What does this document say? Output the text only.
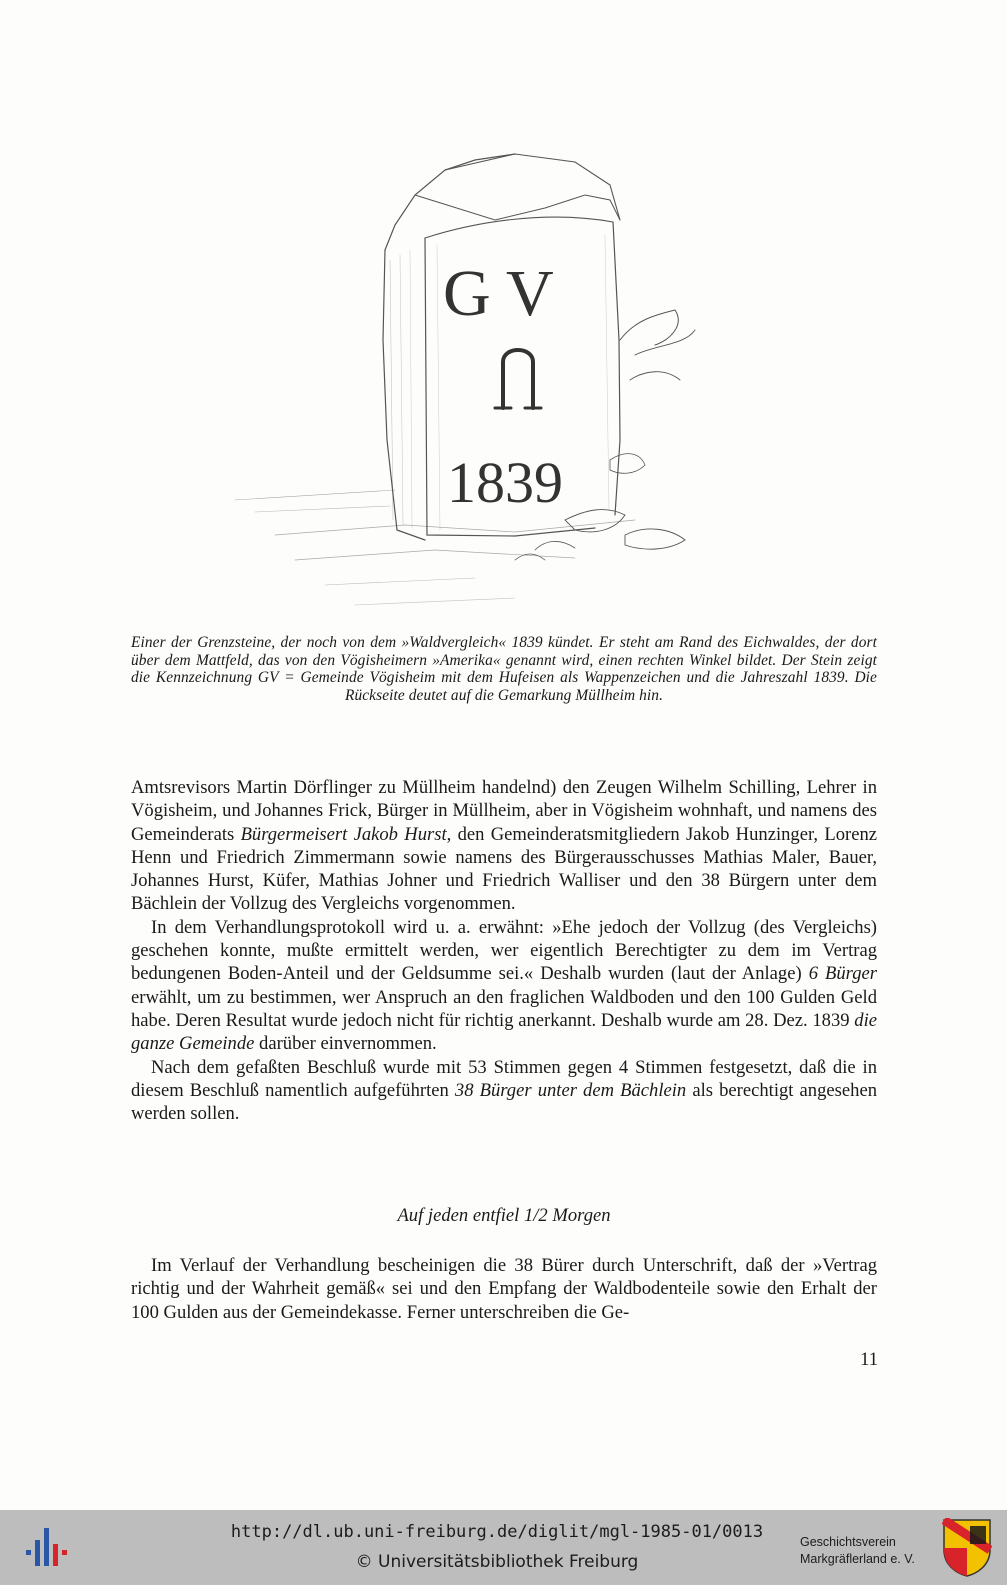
G V
1839
Einer der Grenzsteine, der noch von dem »Waldvergleich« 1839 kündet. Er steht am Rand des Eichwaldes, der dort über dem Mattfeld, das von den Vögisheimern »Amerika« genannt wird, einen rechten Winkel bildet. Der Stein zeigt die Kennzeichnung GV = Gemeinde Vögisheim mit dem Hufeisen als Wappenzeichen und die Jahreszahl 1839. Die Rückseite deutet auf die Gemarkung Müllheim hin.

Amtsrevisors Martin Dörflinger zu Müllheim handelnd) den Zeugen Wilhelm Schilling, Lehrer in Vögisheim, und Johannes Frick, Bürger in Müllheim, aber in Vögisheim wohnhaft, und namens des Gemeinderats Bürgermeisert Jakob Hurst, den Gemeinderatsmitgliedern Jakob Hunzinger, Lorenz Henn und Friedrich Zimmermann sowie namens des Bürgerausschusses Mathias Maler, Bauer, Johannes Hurst, Küfer, Mathias Johner und Friedrich Walliser und den 38 Bürgern unter dem Bächlein der Vollzug des Vergleichs vorgenommen.

In dem Verhandlungsprotokoll wird u. a. erwähnt: »Ehe jedoch der Vollzug (des Vergleichs) geschehen konnte, mußte ermittelt werden, wer eigentlich Berechtigter zu dem im Vertrag bedungenen Boden-Anteil und der Geldsumme sei.« Deshalb wurden (laut der Anlage) 6 Bürger erwählt, um zu bestimmen, wer Anspruch an den fraglichen Waldboden und den 100 Gulden Geld habe. Deren Resultat wurde jedoch nicht für richtig anerkannt. Deshalb wurde am 28. Dez. 1839 die ganze Gemeinde darüber einvernommen.

Nach dem gefaßten Beschluß wurde mit 53 Stimmen gegen 4 Stimmen festgesetzt, daß die in diesem Beschluß namentlich aufgeführten 38 Bürger unter dem Bächlein als berechtigt angesehen werden sollen.

Auf jeden entfiel 1/2 Morgen
Im Verlauf der Verhandlung bescheinigen die 38 Bürer durch Unterschrift, daß der »Vertrag richtig und der Wahrheit gemäß« sei und den Empfang der Waldbodenteile sowie den Erhalt der 100 Gulden aus der Gemeindekasse. Ferner unterschreiben die Ge-
11
http://dl.ub.uni-freiburg.de/diglit/mgl-1985-01/0013
© Universitätsbibliothek Freiburg
Geschichtsverein
Markgräflerland e. V.
